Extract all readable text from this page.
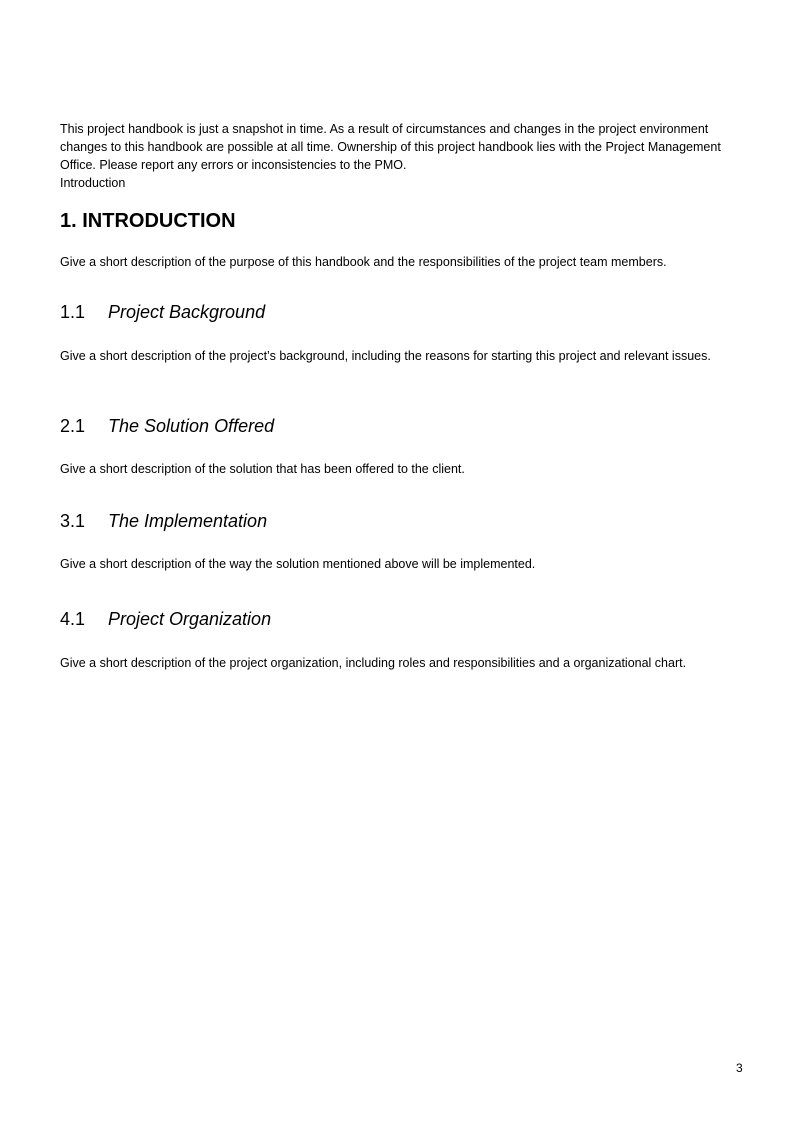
This project handbook is just a snapshot in time. As a result of circumstances and changes in the project environment changes to this handbook are possible at all time. Ownership of this project handbook lies with the Project Management Office. Please report any errors or inconsistencies to the PMO.
Introduction
1. INTRODUCTION
Give a short description of the purpose of this handbook and the responsibilities of the project team members.
1.1 Project Background
Give a short description of the project’s background, including the reasons for starting this project and relevant issues.
2.1 The Solution Offered
Give a short description of the solution that has been offered to the client.
3.1 The Implementation
Give a short description of the way the solution mentioned above will be implemented.
4.1 Project Organization
Give a short description of the project organization, including roles and responsibilities and a organizational chart.
3
